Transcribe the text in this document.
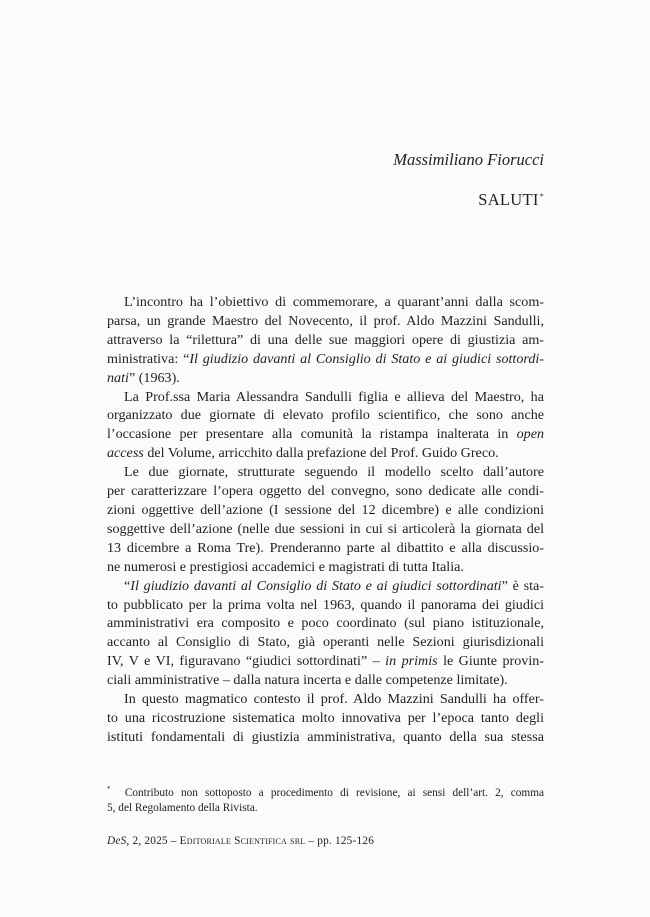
Massimiliano Fiorucci
SALUTI*

L’incontro ha l’obiettivo di commemorare, a quarant’anni dalla scom-
parsa, un grande Maestro del Novecento, il prof. Aldo Mazzini Sandulli,
attraverso la “rilettura” di una delle sue maggiori opere di giustizia am-
ministrativa: “Il giudizio davanti al Consiglio di Stato e ai giudici sottordi-
nati” (1963).

La Prof.ssa Maria Alessandra Sandulli figlia e allieva del Maestro, ha
organizzato due giornate di elevato profilo scientifico, che sono anche
l’occasione per presentare alla comunità la ristampa inalterata in open
access del Volume, arricchito dalla prefazione del Prof. Guido Greco.

Le due giornate, strutturate seguendo il modello scelto dall’autore
per caratterizzare l’opera oggetto del convegno, sono dedicate alle condi-
zioni oggettive dell’azione (I sessione del 12 dicembre) e alle condizioni
soggettive dell’azione (nelle due sessioni in cui si articolerà la giornata del
13 dicembre a Roma Tre). Prenderanno parte al dibattito e alla discussio-
ne numerosi e prestigiosi accademici e magistrati di tutta Italia.

“Il giudizio davanti al Consiglio di Stato e ai giudici sottordinati” è sta-
to pubblicato per la prima volta nel 1963, quando il panorama dei giudici
amministrativi era composito e poco coordinato (sul piano istituzionale,
accanto al Consiglio di Stato, già operanti nelle Sezioni giurisdizionali
IV, V e VI, figuravano “giudici sottordinati” – in primis le Giunte provin-
ciali amministrative – dalla natura incerta e dalle competenze limitate).

In questo magmatico contesto il prof. Aldo Mazzini Sandulli ha offer-
to una ricostruzione sistematica molto innovativa per l’epoca tanto degli
istituti fondamentali di giustizia amministrativa, quanto della sua stessa

* Contributo non sottoposto a procedimento di revisione, ai sensi dell’art. 2, comma
5, del Regolamento della Rivista.
DeS, 2, 2025 – Editoriale Scientifica srl – pp. 125-126
